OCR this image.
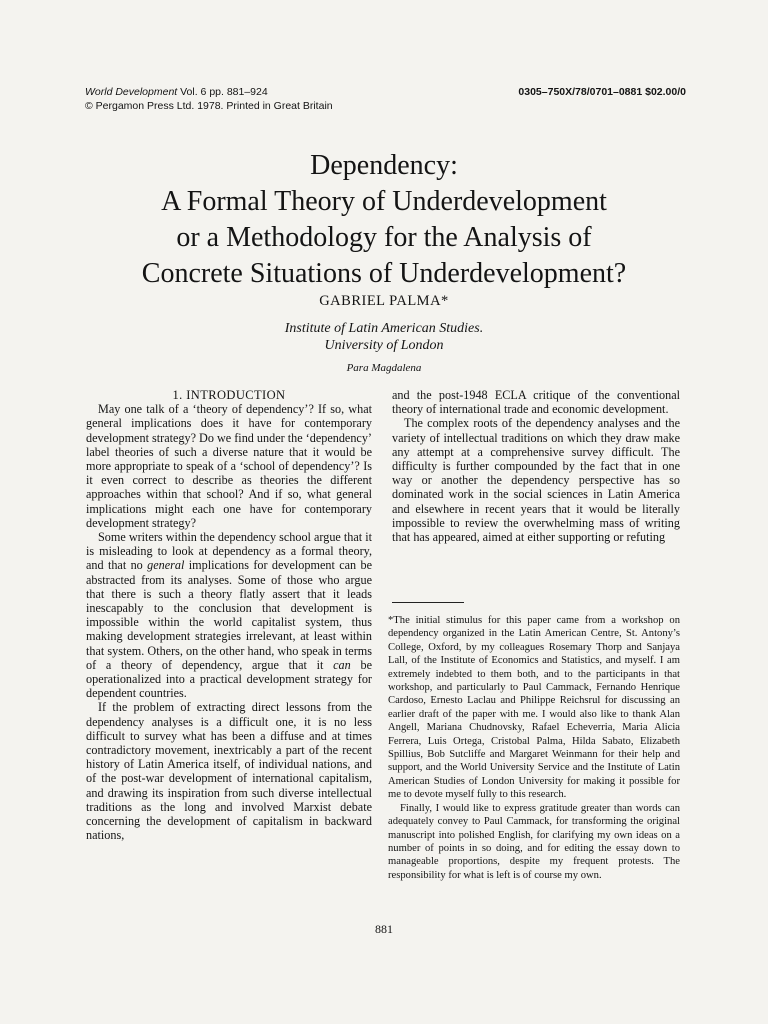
World Development Vol. 6 pp. 881–924
© Pergamon Press Ltd. 1978. Printed in Great Britain
0305–750X/78/0701–0881 $02.00/0
Dependency:
A Formal Theory of Underdevelopment
or a Methodology for the Analysis of
Concrete Situations of Underdevelopment?
GABRIEL PALMA*
Institute of Latin American Studies.
University of London
Para Magdalena

1. INTRODUCTION

May one talk of a ‘theory of dependency’? If so, what general implications does it have for contemporary development strategy? Do we find under the ‘dependency’ label theories of such a diverse nature that it would be more appropriate to speak of a ‘school of dependency’? Is it even correct to describe as theories the different approaches within that school? And if so, what general implications might each one have for contemporary development strategy?

Some writers within the dependency school argue that it is misleading to look at dependency as a formal theory, and that no general implications for development can be abstracted from its analyses. Some of those who argue that there is such a theory flatly assert that it leads inescapably to the conclusion that development is impossible within the world capitalist system, thus making development strategies irrelevant, at least within that system. Others, on the other hand, who speak in terms of a theory of dependency, argue that it can be operationalized into a practical development strategy for dependent countries.

If the problem of extracting direct lessons from the dependency analyses is a difficult one, it is no less difficult to survey what has been a diffuse and at times contradictory movement, inextricably a part of the recent history of Latin America itself, of individual nations, and of the post-war development of international capitalism, and drawing its inspiration from such diverse intellectual traditions as the long and involved Marxist debate concerning the development of capitalism in backward nations,

and the post-1948 ECLA critique of the conventional theory of international trade and economic development.

The complex roots of the dependency analyses and the variety of intellectual traditions on which they draw make any attempt at a comprehensive survey difficult. The difficulty is further compounded by the fact that in one way or another the dependency perspective has so dominated work in the social sciences in Latin America and elsewhere in recent years that it would be literally impossible to review the overwhelming mass of writing that has appeared, aimed at either supporting or refuting

*The initial stimulus for this paper came from a workshop on dependency organized in the Latin American Centre, St. Antony’s College, Oxford, by my colleagues Rosemary Thorp and Sanjaya Lall, of the Institute of Economics and Statistics, and myself. I am extremely indebted to them both, and to the participants in that workshop, and particularly to Paul Cammack, Fernando Henrique Cardoso, Ernesto Laclau and Philippe Reichsrul for discussing an earlier draft of the paper with me. I would also like to thank Alan Angell, Mariana Chudnovsky, Rafael Echeverria, Maria Alicia Ferrera, Luis Ortega, Cristobal Palma, Hilda Sabato, Elizabeth Spillius, Bob Sutcliffe and Margaret Weinmann for their help and support, and the World University Service and the Institute of Latin American Studies of London University for making it possible for me to devote myself fully to this research.

Finally, I would like to express gratitude greater than words can adequately convey to Paul Cammack, for transforming the original manuscript into polished English, for clarifying my own ideas on a number of points in so doing, and for editing the essay down to manageable proportions, despite my frequent protests. The responsibility for what is left is of course my own.

881
